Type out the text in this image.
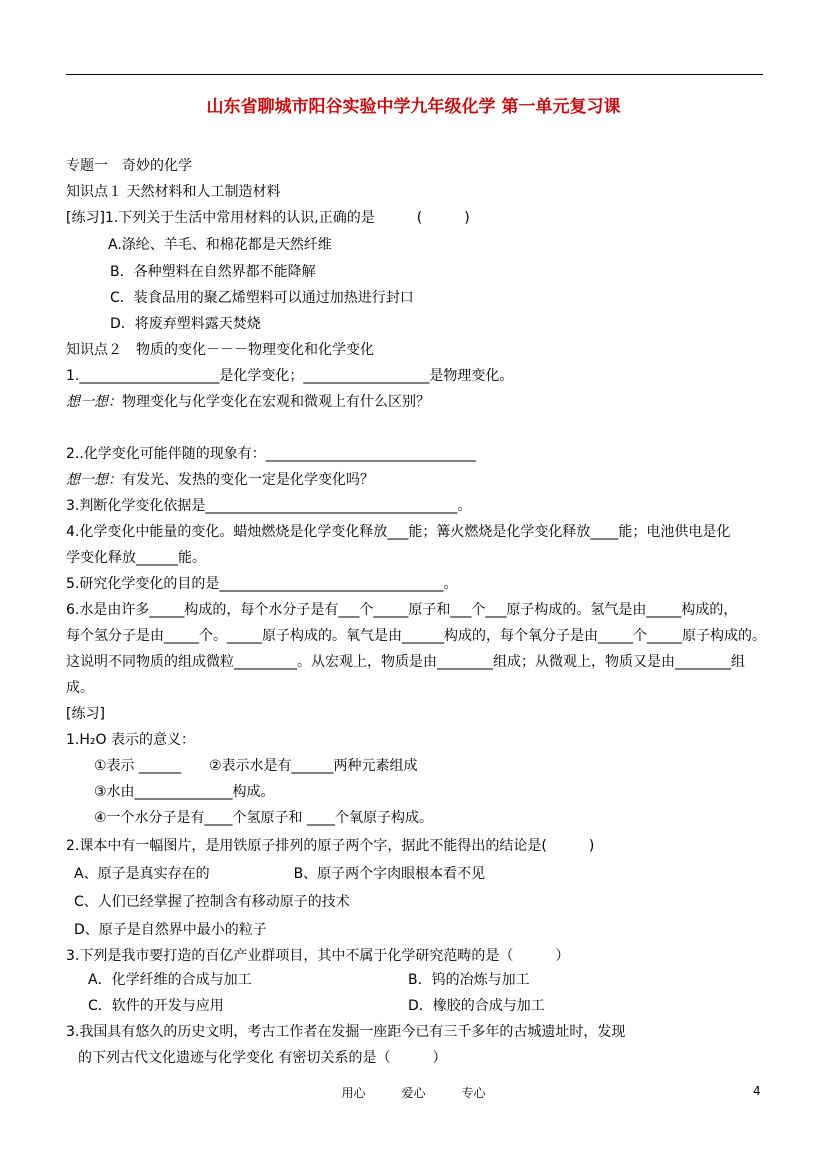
山东省聊城市阳谷实验中学九年级化学 第一单元复习课
专题一　奇妙的化学
知识点１ 天然材料和人工制造材料
[练习]1.下列关于生活中常用材料的认识,正确的是　　　(　　　)
A.涤纶、羊毛、和棉花都是天然纤维
B．各种塑料在自然界都不能降解
C．装食品用的聚乙烯塑料可以通过加热进行封口
D．将废弃塑料露天焚烧
知识点２　物质的变化－－－物理变化和化学变化
1.____________________是化学变化；__________________是物理变化。
想一想：物理变化与化学变化在宏观和微观上有什么区别？
2..化学变化可能伴随的现象有：______________________________
想一想：有发光、发热的变化一定是化学变化吗？
3.判断化学变化依据是____________________________________。
4.化学变化中能量的变化。蜡烛燃烧是化学变化释放___能；篝火燃烧是化学变化释放____能；电池供电是化
学变化释放______能。
5.研究化学变化的目的是________________________________。
6.水是由许多_____构成的，每个水分子是有___个_____原子和___个___原子构成的。氢气是由_____构成的，
每个氢分子是由_____个。_____原子构成的。氧气是由______构成的，每个氧分子是由_____个_____原子构成的。
这说明不同物质的组成微粒_________。从宏观上，物质是由________组成；从微观上，物质又是由________组
成。
[练习]
1.H₂O 表示的意义：
①表示 ______　　②表示水是有______两种元素组成
③水由______________构成。
④一个水分子是有____个氢原子和 ____个氧原子构成。
2.课本中有一幅图片，是用铁原子排列的原子两个字，据此不能得出的结论是(　　　)
A、原子是真实存在的　　　　　　B、原子两个字肉眼根本看不见
C、人们已经掌握了控制含有移动原子的技术
D、原子是自然界中最小的粒子
3.下列是我市要打造的百亿产业群项目，其中不属于化学研究范畴的是（　　　）
A．化学纤维的合成与加工	B．钨的冶炼与加工
C．软件的开发与应用	D．橡胶的合成与加工
3.我国具有悠久的历史文明，考古工作者在发掘一座距今已有三千多年的古城遗址时，发现
的下列古代文化遗迹与化学变化 有密切关系的是（　　　）
用心	爱心	专心	4
